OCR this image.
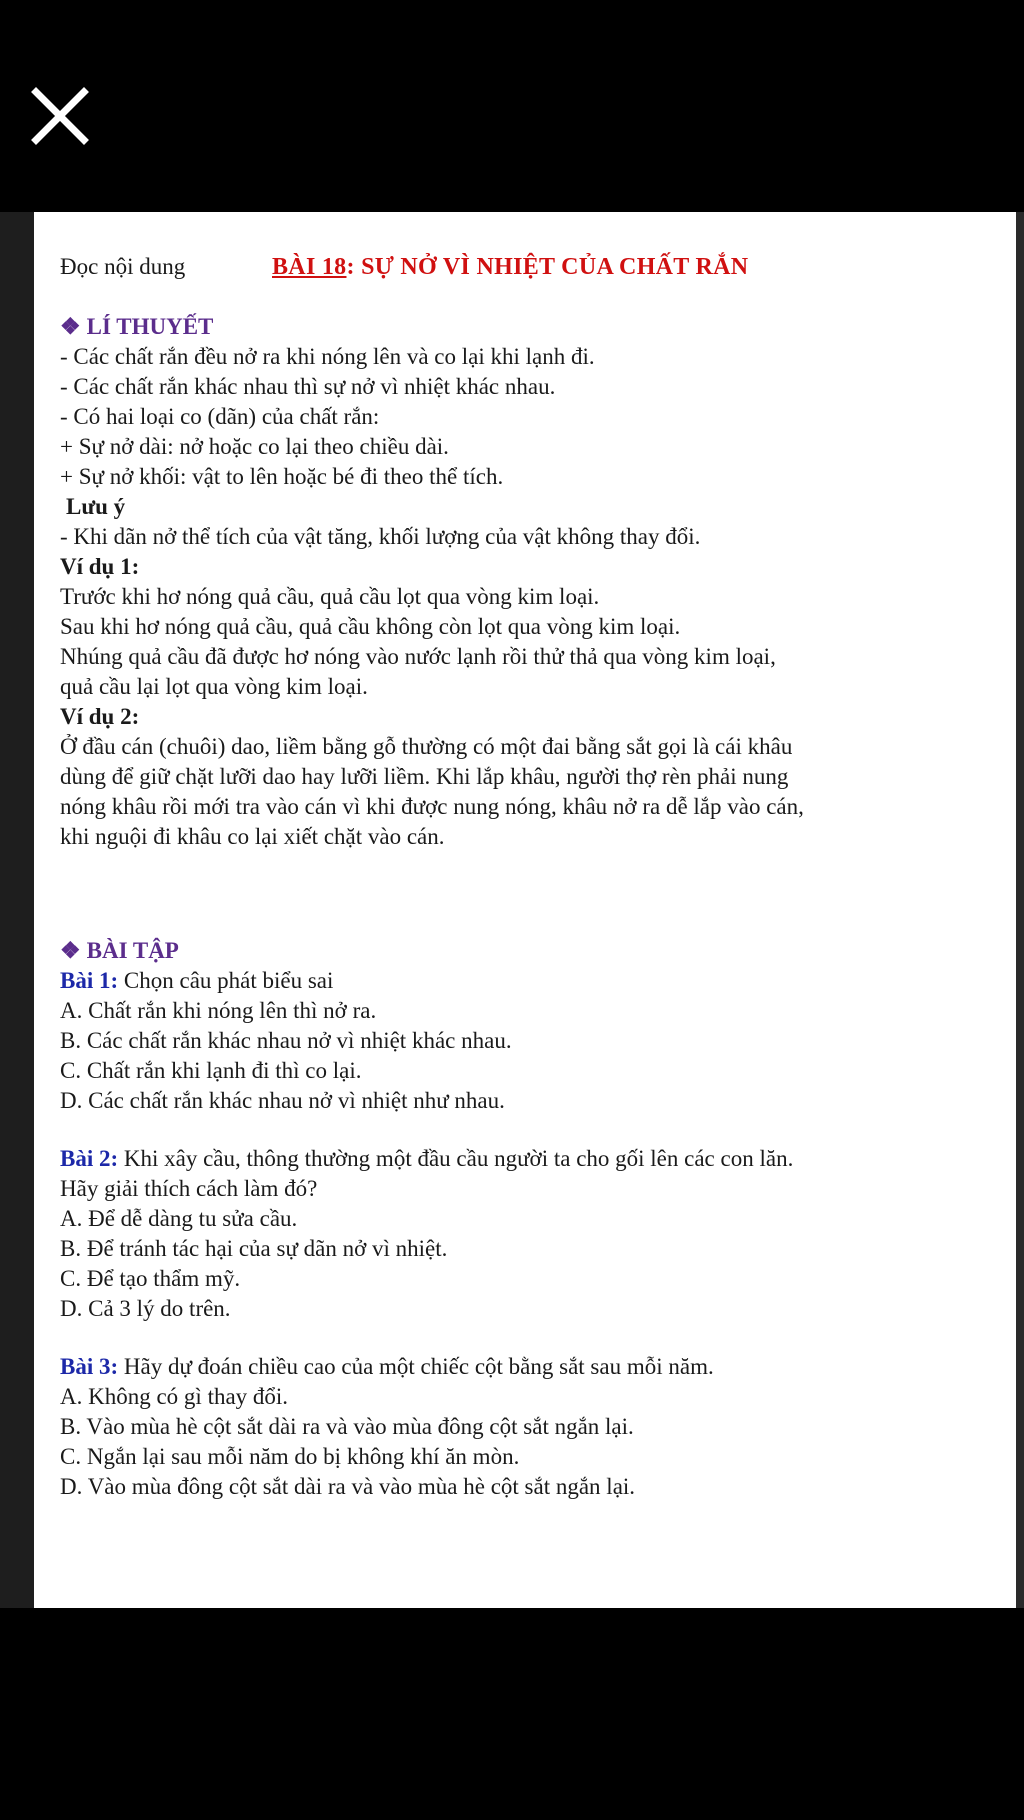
Đọc nội dung	BÀI 18: SỰ NỞ VÌ NHIỆT CỦA CHẤT RẮN
❖ LÍ THUYẾT
- Các chất rắn đều nở ra khi nóng lên và co lại khi lạnh đi.
- Các chất rắn khác nhau thì sự nở vì nhiệt khác nhau.
- Có hai loại co (dãn) của chất rắn:
+ Sự nở dài: nở hoặc co lại theo chiều dài.
+ Sự nở khối: vật to lên hoặc bé đi theo thể tích.
Lưu ý
- Khi dãn nở thể tích của vật tăng, khối lượng của vật không thay đổi.
Ví dụ 1:
Trước khi hơ nóng quả cầu, quả cầu lọt qua vòng kim loại.
Sau khi hơ nóng quả cầu, quả cầu không còn lọt qua vòng kim loại.
Nhúng quả cầu đã được hơ nóng vào nước lạnh rồi thử thả qua vòng kim loại,
quả cầu lại lọt qua vòng kim loại.
Ví dụ 2:
Ở đầu cán (chuôi) dao, liềm bằng gỗ thường có một đai bằng sắt gọi là cái khâu
dùng để giữ chặt lưỡi dao hay lưỡi liềm. Khi lắp khâu, người thợ rèn phải nung
nóng khâu rồi mới tra vào cán vì khi được nung nóng, khâu nở ra dễ lắp vào cán,
khi nguội đi khâu co lại xiết chặt vào cán.
❖ BÀI TẬP
Bài 1: Chọn câu phát biểu sai
A. Chất rắn khi nóng lên thì nở ra.
B. Các chất rắn khác nhau nở vì nhiệt khác nhau.
C. Chất rắn khi lạnh đi thì co lại.
D. Các chất rắn khác nhau nở vì nhiệt như nhau.
Bài 2: Khi xây cầu, thông thường một đầu cầu người ta cho gối lên các con lăn.
Hãy giải thích cách làm đó?
A. Để dễ dàng tu sửa cầu.
B. Để tránh tác hại của sự dãn nở vì nhiệt.
C. Để tạo thẩm mỹ.
D. Cả 3 lý do trên.
Bài 3: Hãy dự đoán chiều cao của một chiếc cột bằng sắt sau mỗi năm.
A. Không có gì thay đổi.
B. Vào mùa hè cột sắt dài ra và vào mùa đông cột sắt ngắn lại.
C. Ngắn lại sau mỗi năm do bị không khí ăn mòn.
D. Vào mùa đông cột sắt dài ra và vào mùa hè cột sắt ngắn lại.
